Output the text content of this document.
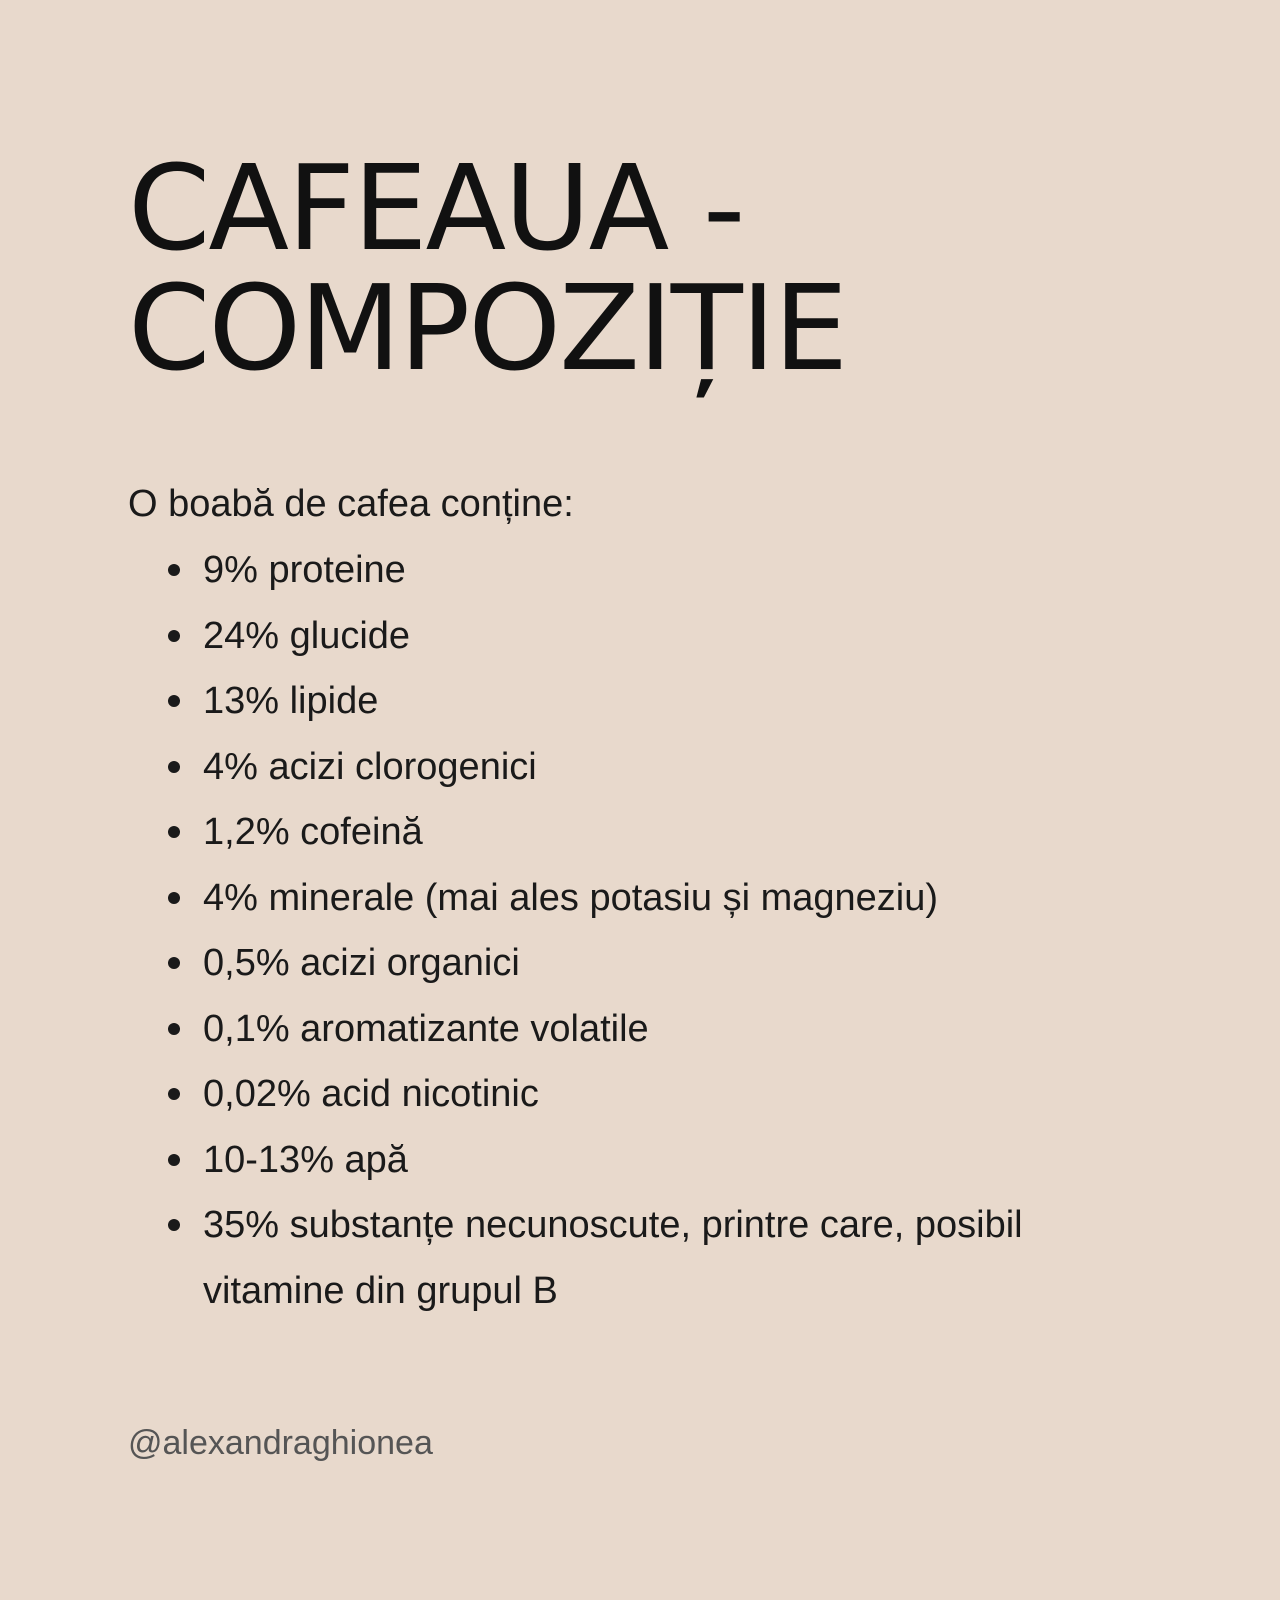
CAFEAUA -
COMPOZIȚIE

O boabă de cafea conține:

9% proteine
24% glucide
13% lipide
4% acizi clorogenici
1,2% cofeină
4% minerale (mai ales potasiu și magneziu)
0,5% acizi organici
0,1% aromatizante volatile
0,02% acid nicotinic
10-13% apă
35% substanțe necunoscute, printre care, posibil vitamine din grupul B

@alexandraghionea
